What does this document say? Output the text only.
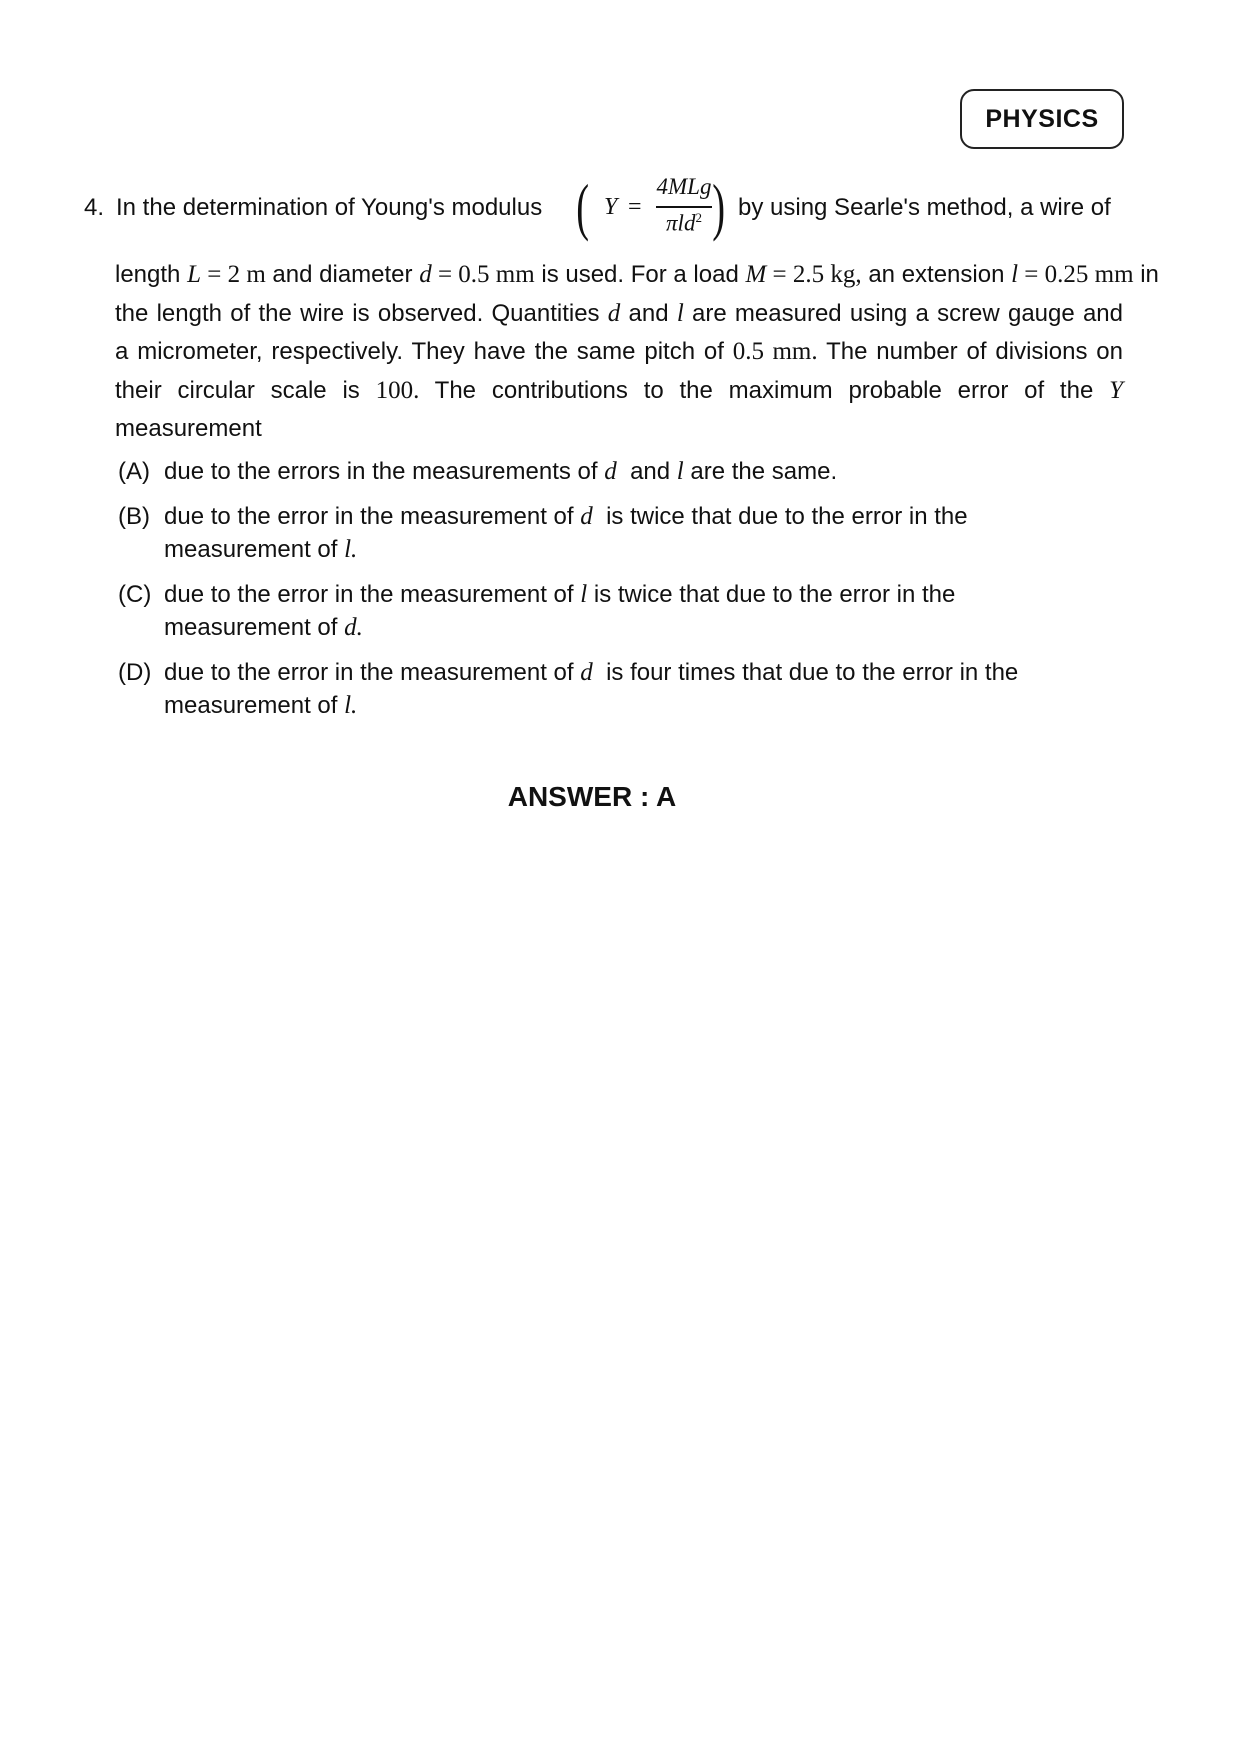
PHYSICS
4. In the determination of Young's modulus ( Y =
4MLg
πld$^2$ ) by using Searle's method, a wire of
length L = 2 m and diameter d = 0.5 mm is used. For a load M = 2.5 kg, an extension l = 0.25 mm in
the length of the wire is observed. Quantities d and l are measured using a screw gauge and
a micrometer, respectively. They have the same pitch of 0.5 mm. The number of divisions on
their circular scale is 100. The contributions to the maximum probable error of the Y
measurement
(A) due to the errors in the measurements of d  and l are the same.
(B) due to the error in the measurement of d  is twice that due to the error in the
measurement of l.
(C) due to the error in the measurement of l is twice that due to the error in the
measurement of d.
(D) due to the error in the measurement of d  is four times that due to the error in the
measurement of l.
ANSWER : A
